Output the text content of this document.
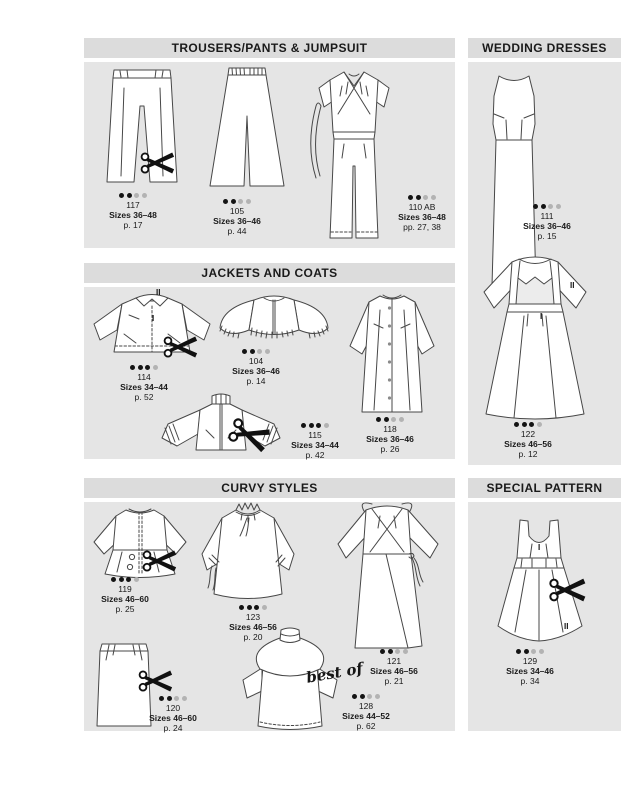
TROUSERS/PANTS & JUMPSUIT	WEDDING DRESSES
JACKETS AND COATS
CURVY STYLES	SPECIAL PATTERN
117
Sizes 36–48
p. 17
105
Sizes 36–46
p. 44
110 AB
Sizes 36–48
pp. 27, 38
111
Sizes 36–46
p. 15
II
I
122
Sizes 46–56
p. 12
II
I
114
Sizes 34–44
p. 52
104
Sizes 36–46
p. 14
115
Sizes 34–44
p. 42
118
Sizes 36–46
p. 26
119
Sizes 46–60
p. 25
123
Sizes 46–56
p. 20
121
Sizes 46–56
p. 21
120
Sizes 46–60
p. 24
best of
128
Sizes 44–52
p. 62
I
II
129
Sizes 34–46
p. 34
